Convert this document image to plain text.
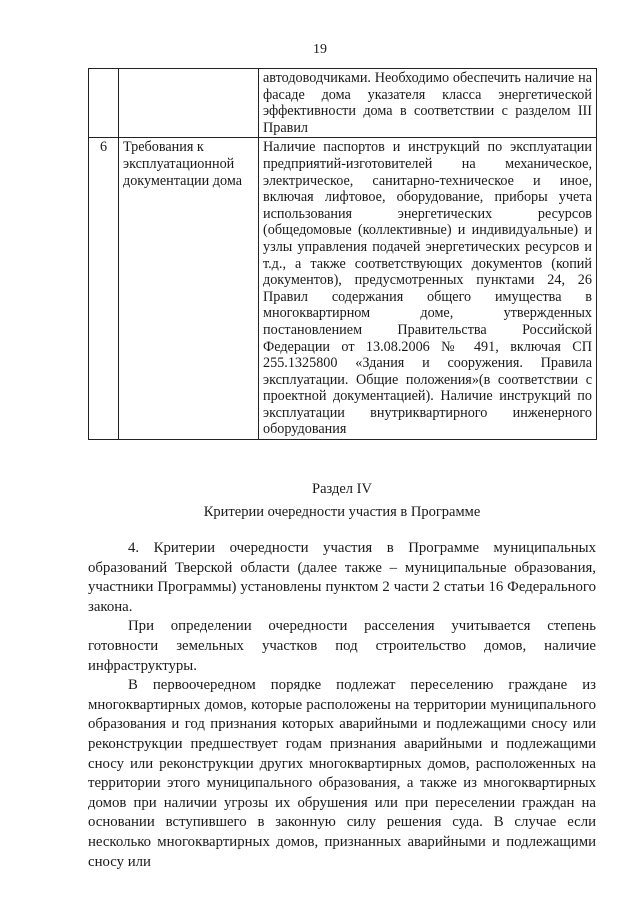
19

		автодоводчиками. Необходимо обеспечить наличие на фасаде дома указателя класса энергетической эффективности дома в соответствии с разделом III Правил

6	Требования к эксплуатационной документации дома	Наличие паспортов и инструкций по эксплуатации предприятий-изготовителей на механическое, электрическое, санитарно-техническое и иное, включая лифтовое, оборудование, приборы учета использования энергетических ресурсов (общедомовые (коллективные) и индивидуальные) и узлы управления подачей энергетических ресурсов и т.д., а также соответствующих документов (копий документов), предусмотренных пунктами 24, 26 Правил содержания общего имущества в многоквартирном доме, утвержденных постановлением Правительства Российской Федерации от 13.08.2006 № 491, включая СП 255.1325800 «Здания и сооружения. Правила эксплуатации. Общие положения»(в соответствии с проектной документацией). Наличие инструкций по эксплуатации внутриквартирного инженерного оборудования

Раздел IV
Критерии очередности участия в Программе

4. Критерии очередности участия в Программе муниципальных образований Тверской области (далее также – муниципальные образования, участники Программы) установлены пунктом 2 части 2 статьи 16 Федерального закона.

При определении очередности расселения учитывается степень готовности земельных участков под строительство домов, наличие инфраструктуры.

В первоочередном порядке подлежат переселению граждане из многоквартирных домов, которые расположены на территории муниципального образования и год признания которых аварийными и подлежащими сносу или реконструкции предшествует годам признания аварийными и подлежащими сносу или реконструкции других многоквартирных домов, расположенных на территории этого муниципального образования, а также из многоквартирных домов при наличии угрозы их обрушения или при переселении граждан на основании вступившего в законную силу решения суда. В случае если несколько многоквартирных домов, признанных аварийными и подлежащими сносу или
